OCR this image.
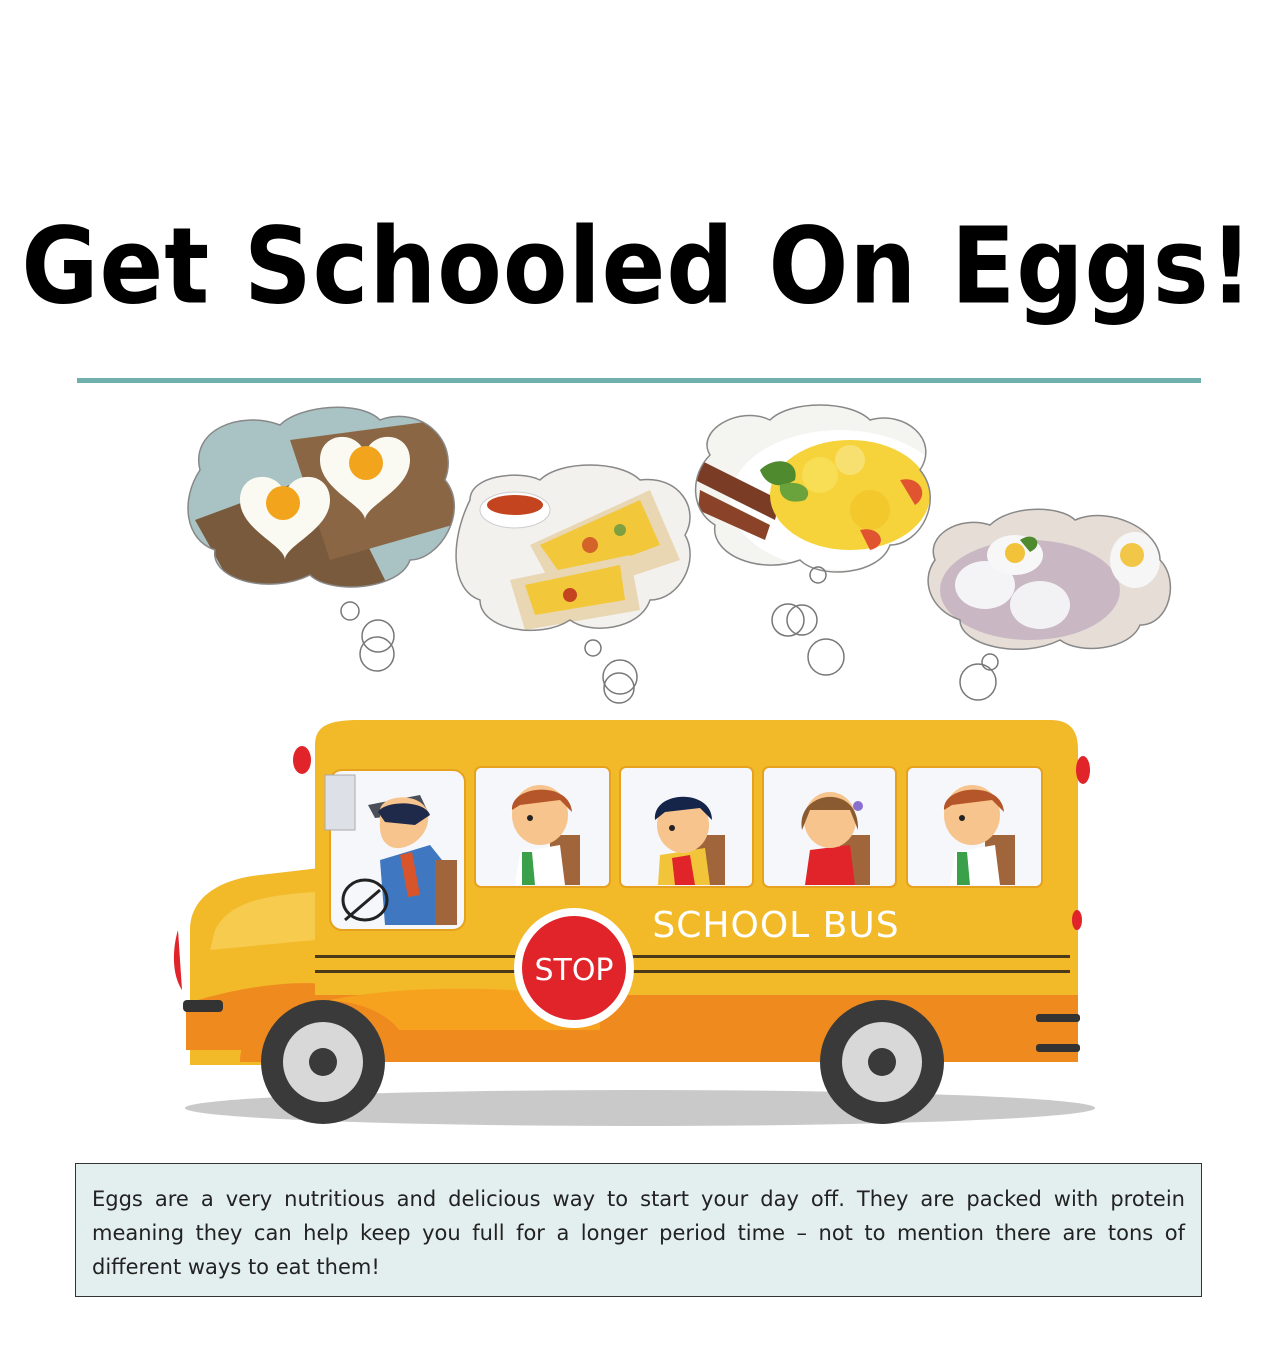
Get Schooled On Eggs!
STOP
SCHOOL BUS

Eggs are a very nutritious and delicious way to start your day off. They are packed with protein meaning they can help keep you full for a longer period time – not to mention there are tons of different ways to eat them!
